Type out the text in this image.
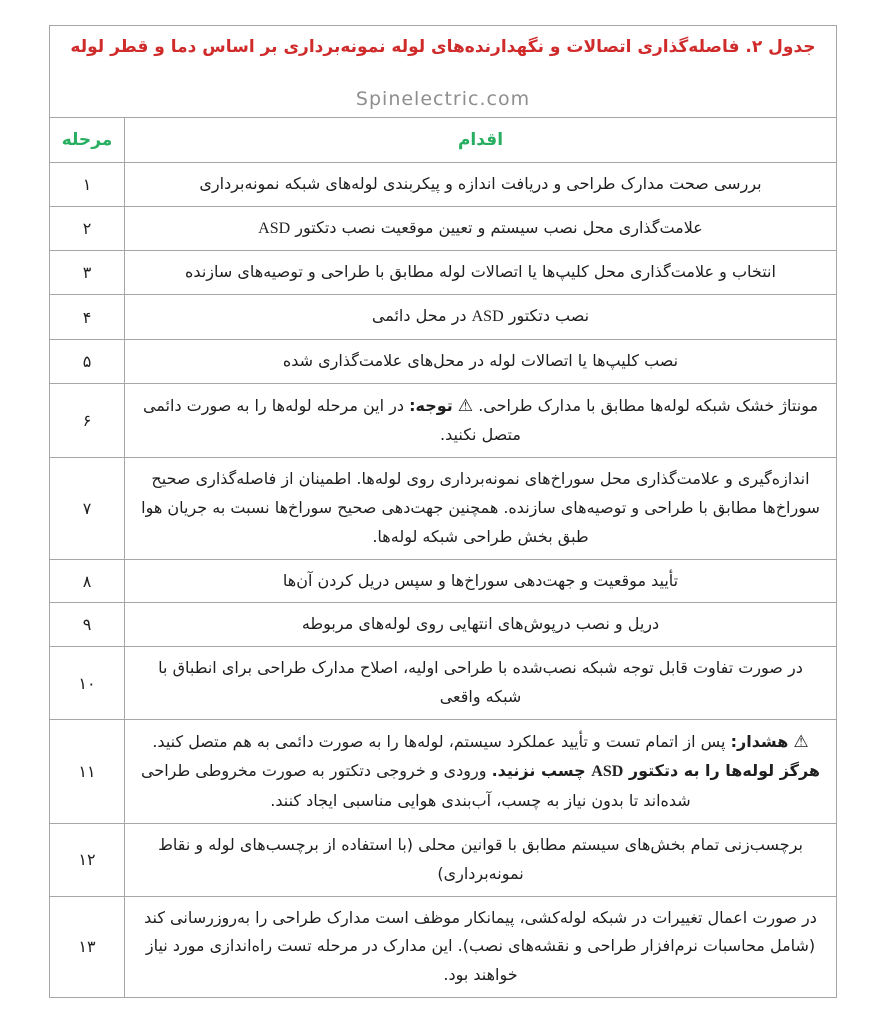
جدول ۲. فاصله‌گذاری اتصالات و نگهدارنده‌های لوله نمونه‌برداری بر اساس دما و قطر لوله
Spinelectric.com	

مرحله	اقدام
۱	بررسی صحت مدارک طراحی و دریافت اندازه و پیکربندی لوله‌های شبکه نمونه‌برداری

۲	علامت‌گذاری محل نصب سیستم و تعیین موقعیت نصب دتکتور ASD

۳	انتخاب و علامت‌گذاری محل کلیپ‌ها یا اتصالات لوله مطابق با طراحی و توصیه‌های سازنده

۴	نصب دتکتور ASD در محل دائمی

۵	نصب کلیپ‌ها یا اتصالات لوله در محل‌های علامت‌گذاری شده

۶	مونتاژ خشک شبکه لوله‌ها مطابق با مدارک طراحی. ⚠ توجه: در این مرحله لوله‌ها را به صورت دائمی متصل نکنید.

۷	اندازه‌گیری و علامت‌گذاری محل سوراخ‌های نمونه‌برداری روی لوله‌ها. اطمینان از فاصله‌گذاری صحیح سوراخ‌ها مطابق با طراحی و توصیه‌های سازنده. همچنین جهت‌دهی صحیح سوراخ‌ها نسبت به جریان هوا طبق بخش طراحی شبکه لوله‌ها.

۸	تأیید موقعیت و جهت‌دهی سوراخ‌ها و سپس دریل کردن آن‌ها

۹	دریل و نصب درپوش‌های انتهایی روی لوله‌های مربوطه

۱۰	در صورت تفاوت قابل توجه شبکه نصب‌شده با طراحی اولیه، اصلاح مدارک طراحی برای انطباق با شبکه واقعی

۱۱	⚠ هشدار: پس از اتمام تست و تأیید عملکرد سیستم، لوله‌ها را به صورت دائمی به هم متصل کنید. هرگز لوله‌ها را به دتکتور ASD چسب نزنید. ورودی و خروجی دتکتور به صورت مخروطی طراحی شده‌اند تا بدون نیاز به چسب، آب‌بندی هوایی مناسبی ایجاد کنند.

۱۲	برچسب‌زنی تمام بخش‌های سیستم مطابق با قوانین محلی (با استفاده از برچسب‌های لوله و نقاط نمونه‌برداری)

۱۳	در صورت اعمال تغییرات در شبکه لوله‌کشی، پیمانکار موظف است مدارک طراحی را به‌روزرسانی کند (شامل محاسبات نرم‌افزار طراحی و نقشه‌های نصب). این مدارک در مرحله تست راه‌اندازی مورد نیاز خواهند بود.
